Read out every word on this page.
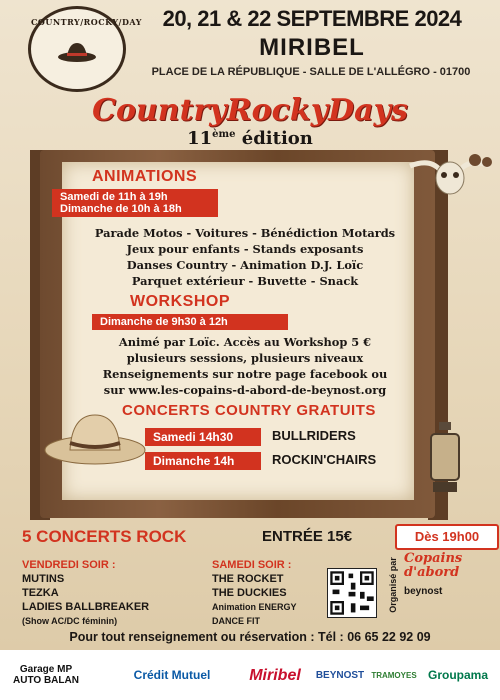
COUNTRY/ROCKY/DAY 20, 21 & 22 SEPTEMBRE 2024
MIRIBEL
PLACE DE LA RÉPUBLIQUE - SALLE DE L'ALLÉGRO - 01700
CountryRockyDays
11ème édition
ANIMATIONS
Samedi de 11h à 19h
Dimanche de 10h à 18h
Parade Motos - Voitures - Bénédiction Motards
Jeux pour enfants - Stands exposants
Danses Country - Animation D.J. Loïc
Parquet extérieur - Buvette - Snack
WORKSHOP
Dimanche de 9h30 à 12h
Animé par Loïc. Accès au Workshop 5 €
plusieurs sessions, plusieurs niveaux
Renseignements sur notre page facebook ou
sur www.les-copains-d-abord-de-beynost.org
CONCERTS COUNTRY GRATUITS
Samedi 14h30	BULLRIDERS
Dimanche 14h	ROCKIN'CHAIRS
5 CONCERTS ROCK	ENTRÉE 15€	Dès 19h00
VENDREDI SOIR :
MUTINS
TEZKA
LADIES BALLBREAKER
(Show AC/DC féminin)
SAMEDI SOIR :
THE ROCKET
THE DUCKIES
Animation ENERGY
DANCE FIT
Organisé par Copains d'abord
beynost
Pour tout renseignement ou réservation : Tél : 06 65 22 92 09
Garage MP AUTO BALAN	Crédit Mutuel Miribel BEYNOST TRAMOYES Groupama
